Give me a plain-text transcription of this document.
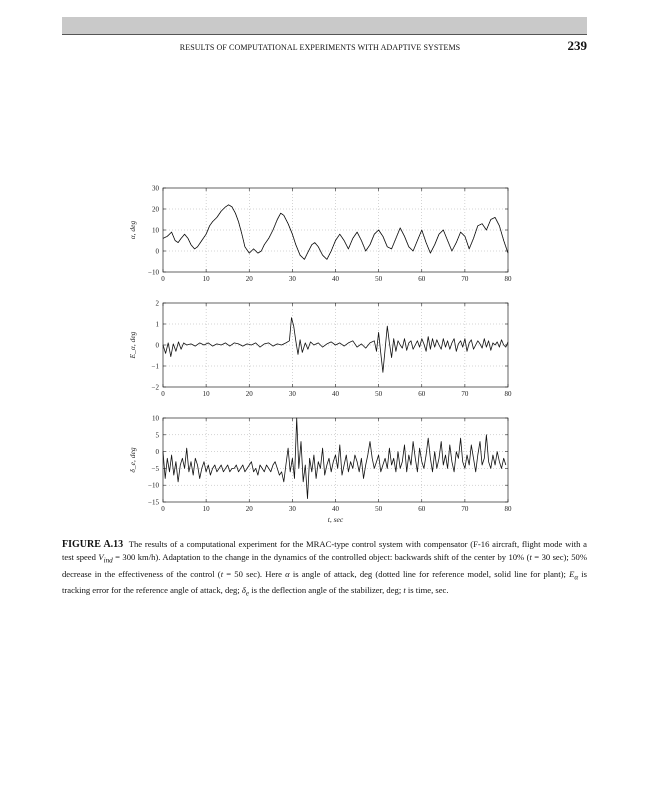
RESULTS OF COMPUTATIONAL EXPERIMENTS WITH ADAPTIVE SYSTEMS	239
0	10	20	30	40	50	60	70	80
30
20
10
0
−10
α, deg
0	10	20	30	40	50	60	70	80
2
1
0
−1
−2
E_α, deg
0	10	20	30	40	50	60	70	80
10
5
0
−5
−10
−15
δ_e, deg
t, sec
FIGURE A.13 The results of a computational experiment for the MRAC-type control system with compensator (F-16 aircraft, flight mode with a test speed $V_{ind} = 300$ km/h). Adaptation to the change in the dynamics of the controlled object: backwards shift of the center by 10% (t = 30 sec); 50% decrease in the effectiveness of the control (t = 50 sec). Here α is angle of attack, deg (dotted line for reference model, solid line for plant); $E_\alpha$ is tracking error for the reference angle of attack, deg; $\delta_e$ is the deflection angle of the stabilizer, deg; t is time, sec.
